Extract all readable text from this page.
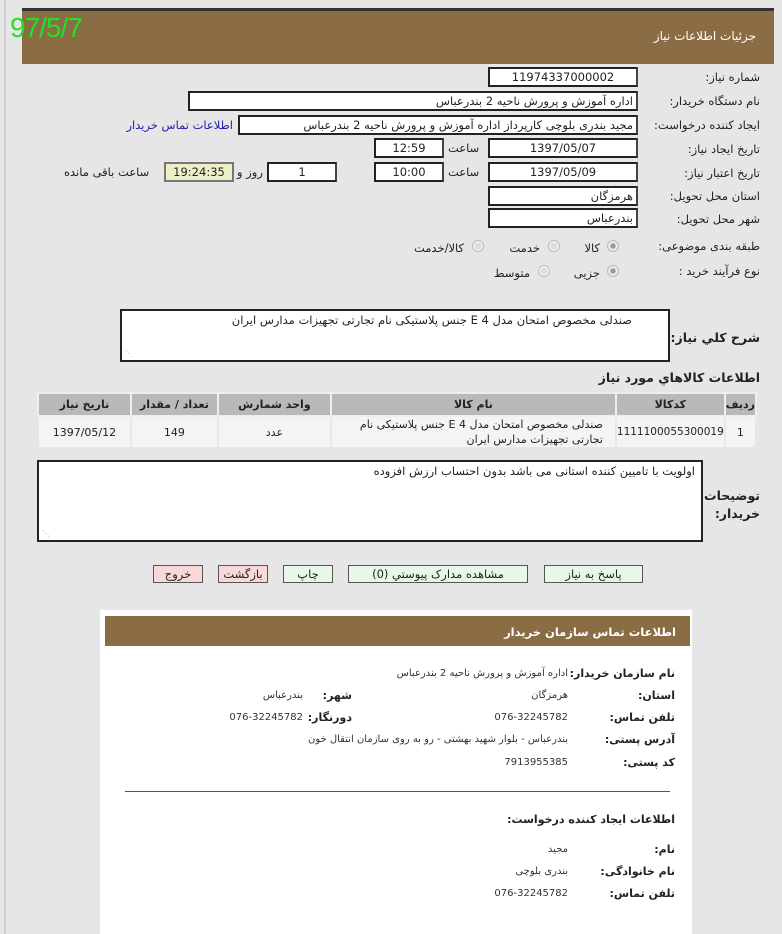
جزئیات اطلاعات نیاز
97/5/7
شماره نیاز:
11974337000002
نام دستگاه خریدار:
اداره آموزش و پرورش ناحیه 2 بندرعباس
ایجاد کننده درخواست:
مجید بندری بلوچی کارپرداز اداره آموزش و پرورش ناحیه 2 بندرعباس
اطلاعات تماس خریدار
تاریخ ایجاد نیاز:
1397/05/07
ساعت
12:59
تاریخ اعتبار نیاز:
1397/05/09
ساعت
10:00
1
روز و
19:24:35
ساعت باقی مانده
استان محل تحویل:
هرمزگان
شهر محل تحویل:
بندرعباس
طبقه بندی موضوعی:
کالا
خدمت
کالا/خدمت
نوع فرآیند خرید :
جزیی
متوسط
شرح کلي نیاز:
صندلی مخصوص امتحان مدل E 4 جنس پلاستیکی نام تجارتی تجهیزات مدارس ایران
⋰
اطلاعات کالاهاي مورد نیاز
ردیف	کدکالا	نام کالا	واحد شمارش	تعداد / مقدار	تاریخ نیاز
1	1111100055300019	صندلی مخصوص امتحان مدل E 4 جنس پلاستیکی نام تجارتی تجهیزات مدارس ایران	عدد	149	1397/05/12
توضیحات خریدار:
اولویت با تامیین کننده استانی می باشد بدون احتساب ارزش افزوده
⋰
پاسخ به نیاز
مشاهده مدارک پیوستي (0)
چاپ
بازگشت
خروج
اطلاعات تماس سازمان خریدار
نام سازمان خریدار:
اداره آموزش و پرورش ناحیه 2 بندرعباس
استان:
هرمزگان
شهر:
بندرعباس
تلفن تماس:
076-32245782
دورنگار:
076-32245782
آدرس پستی:
بندرعباس - بلوار شهید بهشتی - رو به روی سازمان انتقال خون
کد پستی:
7913955385
اطلاعات ایجاد کننده درخواست:
نام:
مجید
نام خانوادگی:
بندری بلوچی
تلفن تماس:
076-32245782
